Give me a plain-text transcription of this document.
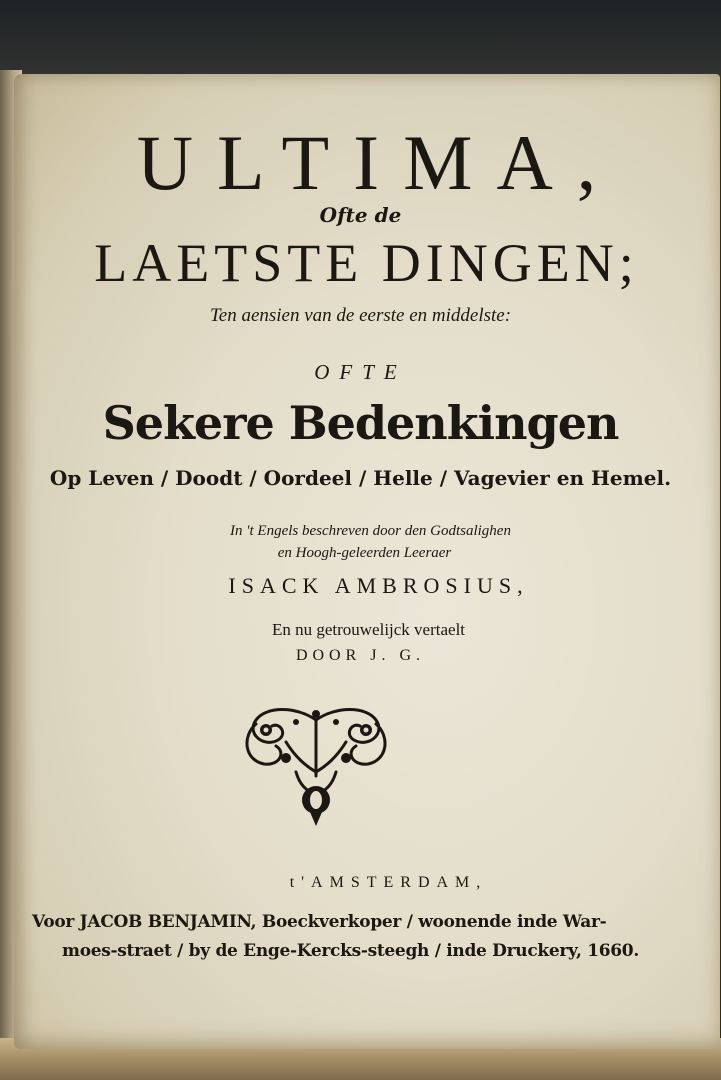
ULTIMA,
Ofte de
LAETSTE DINGEN;
Ten aensien van de eerste en middelste:
OFTE
Sekere Bedenkingen
Op Leven / Doodt / Oordeel / Helle / Vagevier en Hemel.
In 't Engels beschreven door den Godtsalighen
en Hoogh-geleerden Leeraer
ISACK AMBROSIUS,
En nu getrouwelijck vertaelt
DOOR J. G.
t'AMSTERDAM,
Voor JACOB BENJAMIN, Boeckverkoper / woonende inde War-
moes-straet / by de Enge-Kercks-steegh / inde Druckery, 1660.
